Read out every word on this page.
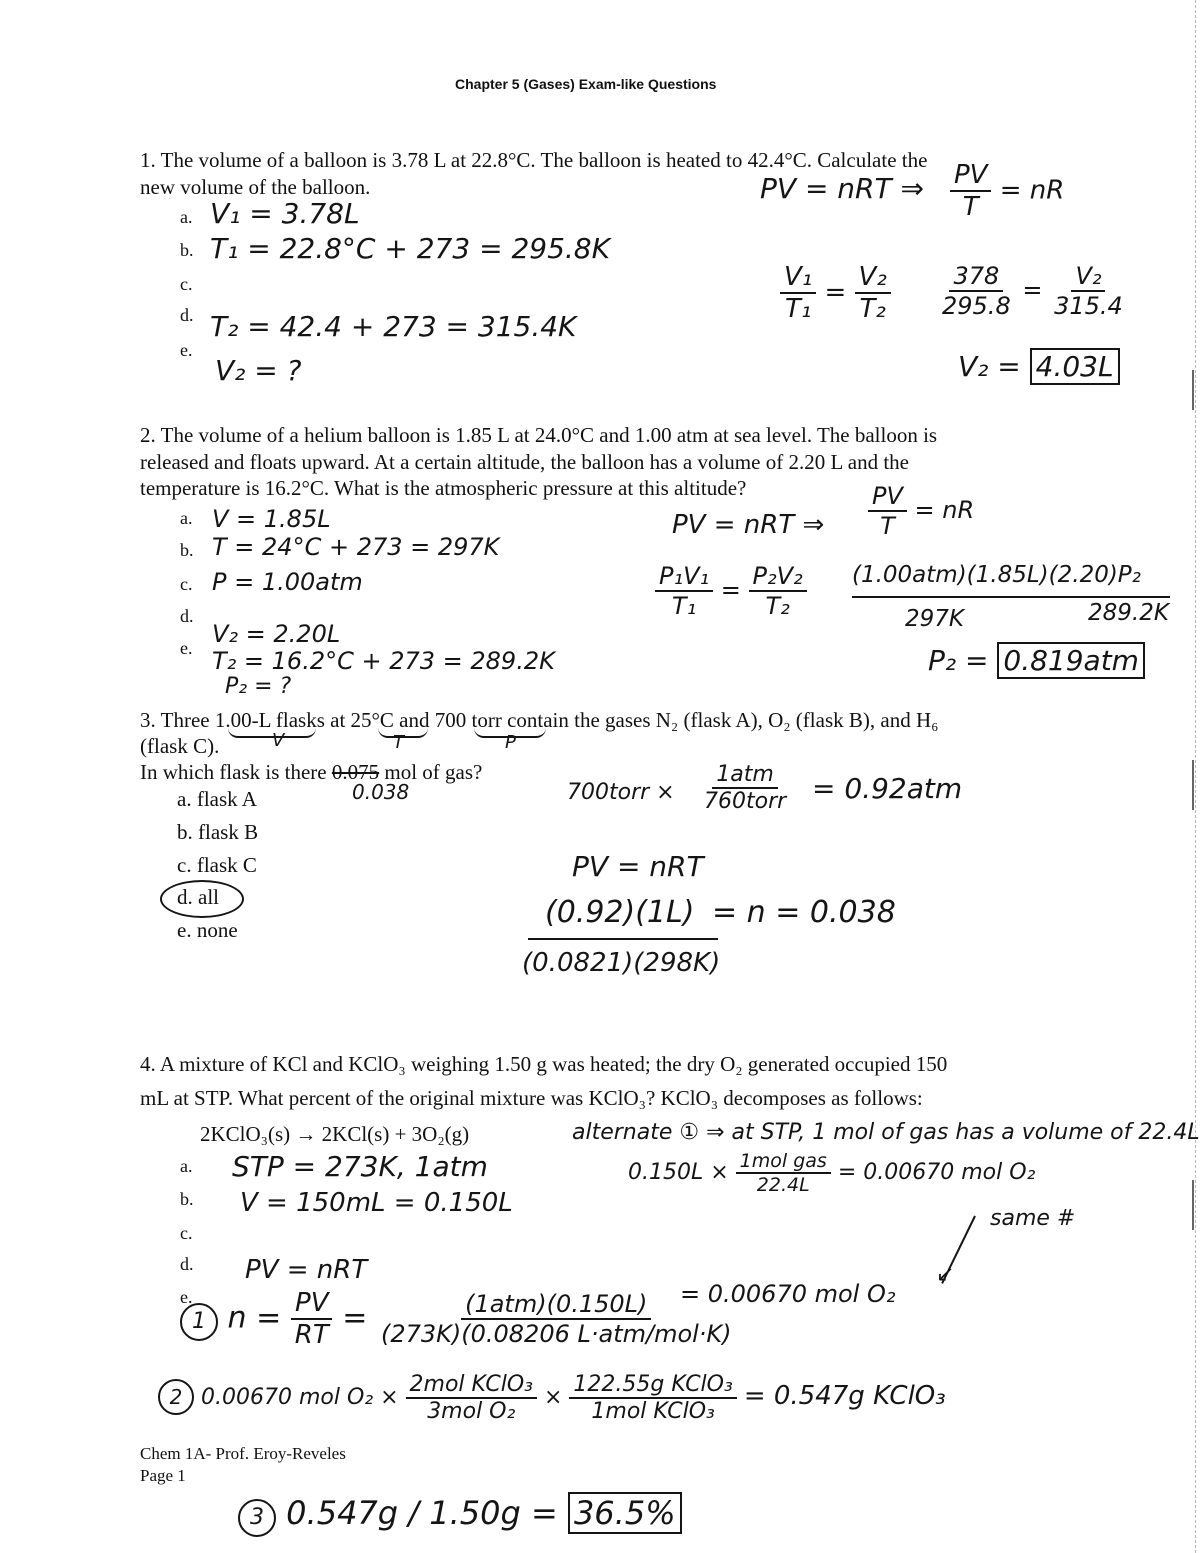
Chapter 5 (Gases) Exam-like Questions
1. The volume of a balloon is 3.78 L at 22.8°C. The balloon is heated to 42.4°C. Calculate the
new volume of the balloon.
a.
b.
c.
d.
e.
V₁ = 3.78L
T₁ = 22.8°C + 273 = 295.8K
T₂ = 42.4 + 273 = 315.4K
V₂ = ?
PV = nRT ⇒ $\frac{PV}{T}$ = nR
$\frac{\text{V₁}}{\text{T₁}} = \frac{\text{V₂}}{\text{T₂}} \frac{378}{295.8} = \frac{\text{V₂}}{315.4}$
V₂ = 4.03L
2. The volume of a helium balloon is 1.85 L at 24.0°C and 1.00 atm at sea level. The balloon is
released and floats upward. At a certain altitude, the balloon has a volume of 2.20 L and the
temperature is 16.2°C. What is the atmospheric pressure at this altitude?
a.
b.
c.
d.
e.
V = 1.85L
T = 24°C + 273 = 297K
P = 1.00atm
V₂ = 2.20L
T₂ = 16.2°C + 273 = 289.2K
P₂ = ?
PV = nRT ⇒ $\frac{PV}{T}$ = nR
$\frac{\text{P₁V₁}}{\text{T₁}} = \frac{\text{P₂V₂}}{\text{T₂}} (1.00atm)(1.85L)(2.20)P_2$
297K	289.2K
P₂ = 0.819atm
3. Three 1.00-L flasks at 25°C and 700 torr contain the gases N₂ (flask A), O₂ (flask B), and H₆
(flask C).
In which flask is there 0.075 mol of gas?
V	T	P
0.038
a. flask A
b. flask B
c. flask C
d. all
e. none
700torr × $\frac{\text{1atm}}{\text{760torr}} = 0.92atm$
PV = nRT
(0.92)(1L) = n = 0.038
(0.0821)(298K)
4. A mixture of KCl and KClO₃ weighing 1.50 g was heated; the dry O₂ generated occupied 150
mL at STP. What percent of the original mixture was KClO₃? KClO₃ decomposes as follows:
2KClO₃(s) → 2KCl(s) + 3O₂(g)
a.
b.
c.
d.
e.
STP = 273K, 1atm
V = 150mL = 0.150L
PV = nRT
1 $n = \frac{PV}{RT} = \frac{\text{(1atm)(0.150L)}}{\text{(273K)(0.08206 L·atm/mol·K)}}$
= 0.00670 mol O₂
alternate ① ⇒ at STP, 1 mol of gas has a volume of 22.4L
$0.150L \times \frac{\text{1mol gas}}{22.4L} = 0.00670$ mol O₂
same #
↙
2 0.00670 mol $O_2 \times \frac{\text{2mol KClO₃}}{\text{3mol O₂}} \times \frac{\text{122.55g KClO₃}}{\text{1mol KClO₃}} = 0.547g$ KClO₃
3 0.547g / 1.50g = 36.5%
Chem 1A- Prof. Eroy-Reveles
Page 1
